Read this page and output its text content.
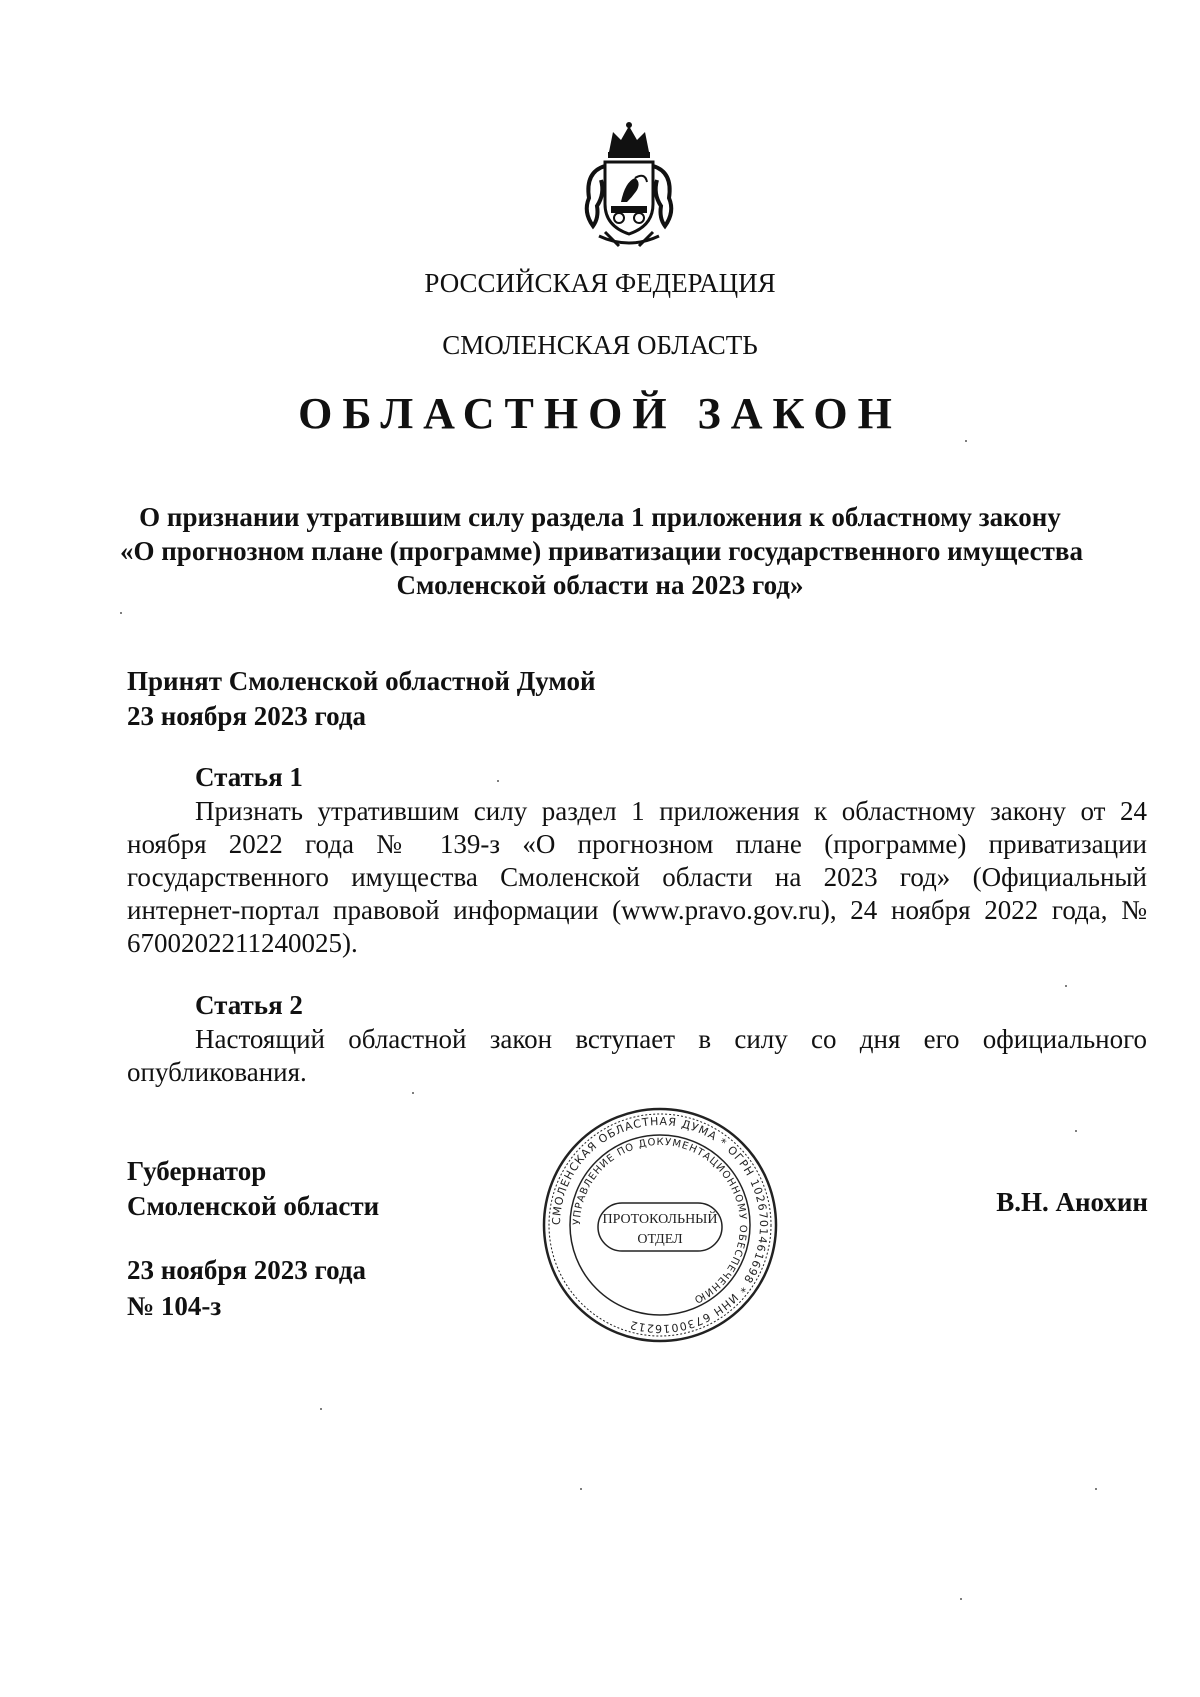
РОССИЙСКАЯ ФЕДЕРАЦИЯ
СМОЛЕНСКАЯ ОБЛАСТЬ
ОБЛАСТНОЙ ЗАКОН
О признании утратившим силу раздела 1 приложения к областному закону
«О прогнозном плане (программе) приватизации государственного имущества
Смоленской области на 2023 год»
Принят Смоленской областной Думой
23 ноября 2023 года
Статья 1
Признать утратившим силу раздел 1 приложения к областному закону от 24 ноября 2022 года № 139-з «О прогнозном плане (программе) приватизации государственного имущества Смоленской области на 2023 год» (Официальный интернет-портал правовой информации (www.pravo.gov.ru), 24 ноября 2022 года, № 6700202211240025).
Статья 2
Настоящий областной закон вступает в силу со дня его официального опубликования.
Губернатор
Смоленской области	В.Н. Анохин
23 ноября 2023 года
№ 104-з
СМОЛЕНСКАЯ ОБЛАСТНАЯ ДУМА * ОГРН 1026701461698 * ИНН 6730016212
УПРАВЛЕНИЕ ПО ДОКУМЕНТАЦИОННОМУ ОБЕСПЕЧЕНИЮ
ПРОТОКОЛЬНЫЙ
ОТДЕЛ
